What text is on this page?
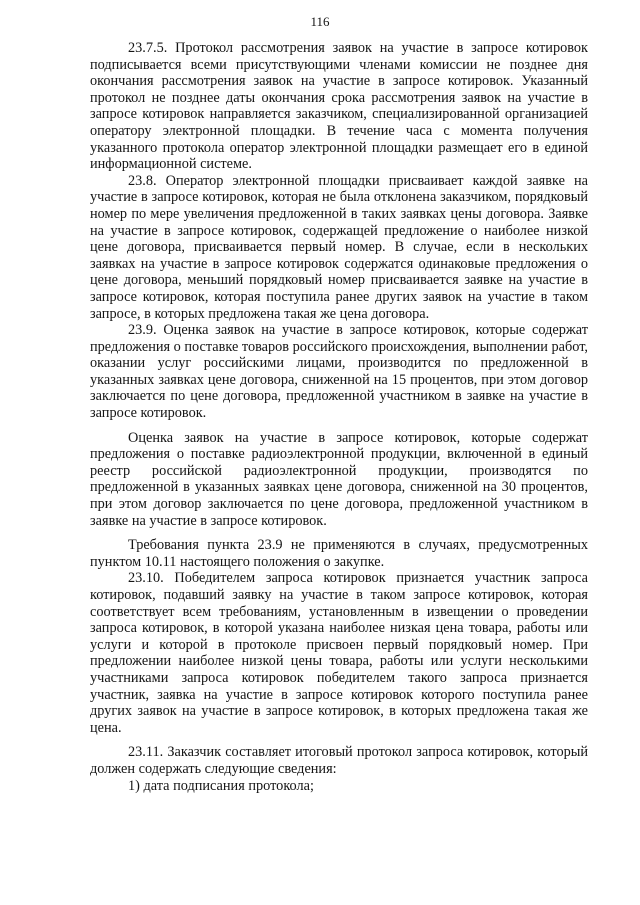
116

23.7.5. Протокол рассмотрения заявок на участие в запросе котировок подписывается всеми присутствующими членами комиссии не позднее дня окончания рассмотрения заявок на участие в запросе котировок. Указанный протокол не позднее даты окончания срока рассмотрения заявок на участие в запросе котировок направляется заказчиком, специализированной организацией оператору электронной площадки. В течение часа с момента получения указанного протокола оператор электронной площадки размещает его в единой информационной системе.

23.8. Оператор электронной площадки присваивает каждой заявке на участие в запросе котировок, которая не была отклонена заказчиком, порядковый номер по мере увеличения предложенной в таких заявках цены договора. Заявке на участие в запросе котировок, содержащей предложение о наиболее низкой цене договора, присваивается первый номер. В случае, если в нескольких заявках на участие в запросе котировок содержатся одинаковые предложения о цене договора, меньший порядковый номер присваивается заявке на участие в запросе котировок, которая поступила ранее других заявок на участие в таком запросе, в которых предложена такая же цена договора.

23.9. Оценка заявок на участие в запросе котировок, которые содержат предложения о поставке товаров российского происхождения, выполнении работ, оказании услуг российскими лицами, производится по предложенной в указанных заявках цене договора, сниженной на 15 процентов, при этом договор заключается по цене договора, предложенной участником в заявке на участие в запросе котировок.

Оценка заявок на участие в запросе котировок, которые содержат предложения о поставке радиоэлектронной продукции, включенной в единый реестр российской радиоэлектронной продукции, производятся по предложенной в указанных заявках цене договора, сниженной на 30 процентов, при этом договор заключается по цене договора, предложенной участником в заявке на участие в запросе котировок.

Требования пункта 23.9 не применяются в случаях, предусмотренных пунктом 10.11 настоящего положения о закупке.

23.10. Победителем запроса котировок признается участник запроса котировок, подавший заявку на участие в таком запросе котировок, которая соответствует всем требованиям, установленным в извещении о проведении запроса котировок, в которой указана наиболее низкая цена товара, работы или услуги и которой в протоколе присвоен первый порядковый номер. При предложении наиболее низкой цены товара, работы или услуги несколькими участниками запроса котировок победителем такого запроса признается участник, заявка на участие в запросе котировок которого поступила ранее других заявок на участие в запросе котировок, в которых предложена такая же цена.

23.11. Заказчик составляет итоговый протокол запроса котировок, который должен содержать следующие сведения:

1) дата подписания протокола;
